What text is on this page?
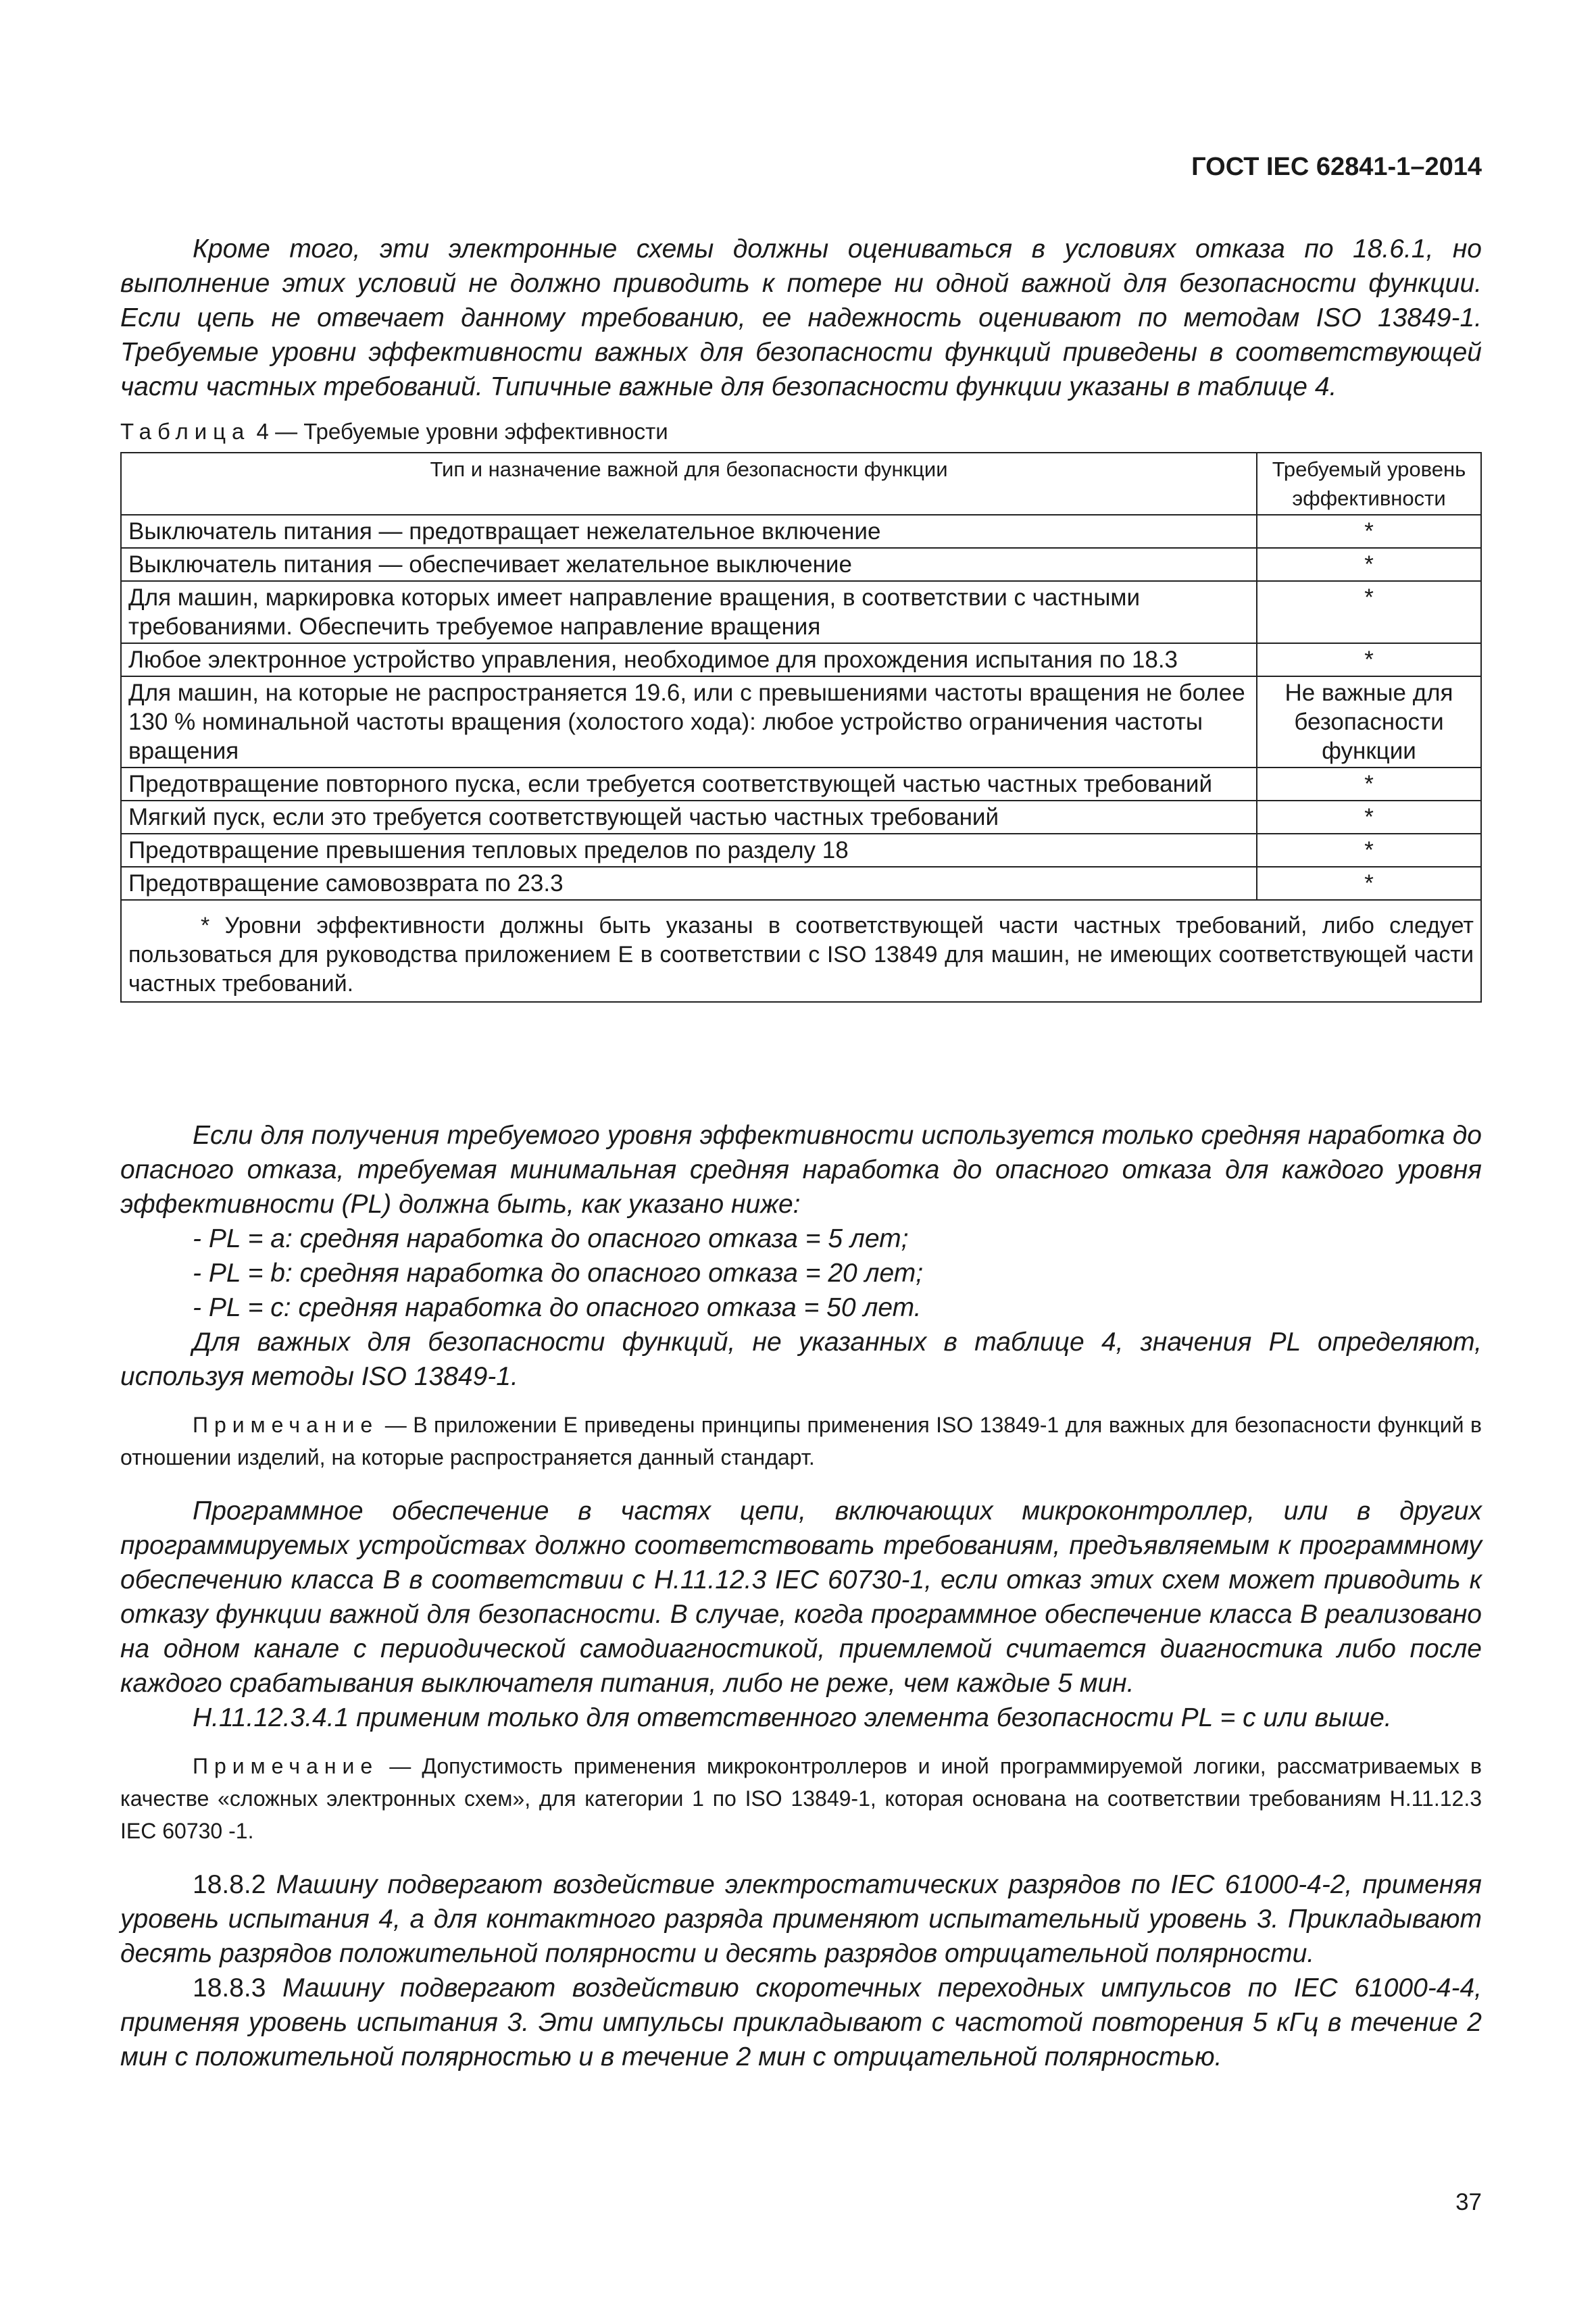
ГОСТ IEC 62841-1–2014

Кроме того, эти электронные схемы должны оцениваться в условиях отказа по 18.6.1, но выполнение этих условий не должно приводить к потере ни одной важной для безопасности функции. Если цепь не отвечает данному требованию, ее надежность оценивают по методам ISO 13849-1. Требуемые уровни эффективности важных для безопасности функций приведены в соответствующей части частных требований. Типичные важные для безопасности функции указаны в таблице 4.

Таблица 4 — Требуемые уровни эффективности
Тип и назначение важной для безопасности функции	Требуемый уровень эффективности
Выключатель питания — предотвращает нежелательное включение	*
Выключатель питания — обеспечивает желательное выключение	*
Для машин, маркировка которых имеет направление вращения, в соответствии с частными требованиями. Обеспечить требуемое направление вращения	*
Любое электронное устройство управления, необходимое для прохождения испытания по 18.3	*
Для машин, на которые не распространяется 19.6, или с превышениями частоты вращения не более 130 % номинальной частоты вращения (холостого хода): любое устройство ограничения частоты вращения	Не важные для безопасности функции
Предотвращение повторного пуска, если требуется соответствующей частью частных требований	*
Мягкий пуск, если это требуется соответствующей частью частных требований	*
Предотвращение превышения тепловых пределов по разделу 18	*
Предотвращение самовозврата по 23.3	*
* Уровни эффективности должны быть указаны в соответствующей части частных требований, либо следует пользоваться для руководства приложением Е в соответствии с ISO 13849 для машин, не имеющих соответствующей части частных требований.	

Если для получения требуемого уровня эффективности используется только средняя наработка до опасного отказа, требуемая минимальная средняя наработка до опасного отказа для каждого уровня эффективности (PL) должна быть, как указано ниже:

- PL = a: средняя наработка до опасного отказа = 5 лет;

- PL = b: средняя наработка до опасного отказа = 20 лет;

- PL = c: средняя наработка до опасного отказа = 50 лет.

Для важных для безопасности функций, не указанных в таблице 4, значения PL определяют, используя методы ISO 13849-1.

Примечание — В приложении Е приведены принципы применения ISO 13849-1 для важных для безопасности функций в отношении изделий, на которые распространяется данный стандарт.

Программное обеспечение в частях цепи, включающих микроконтроллер, или в других программируемых устройствах должно соответствовать требованиям, предъявляемым к программному обеспечению класса В в соответствии с Н.11.12.3 IEC 60730-1, если отказ этих схем может приводить к отказу функции важной для безопасности. В случае, когда программное обеспечение класса В реализовано на одном канале с периодической самодиагностикой, приемлемой считается диагностика либо после каждого срабатывания выключателя питания, либо не реже, чем каждые 5 мин.

Н.11.12.3.4.1 применим только для ответственного элемента безопасности PL = c или выше.

Примечание — Допустимость применения микроконтроллеров и иной программируемой логики, рассматриваемых в качестве «сложных электронных схем», для категории 1 по ISO 13849-1, которая основана на соответствии требованиям Н.11.12.3 IEC 60730 -1.

18.8.2 Машину подвергают воздействие электростатических разрядов по IEC 61000-4-2, применяя уровень испытания 4, а для контактного разряда применяют испытательный уровень 3. Прикладывают десять разрядов положительной полярности и десять разрядов отрицательной полярности.

18.8.3 Машину подвергают воздействию скоротечных переходных импульсов по IEC 61000-4-4, применяя уровень испытания 3. Эти импульсы прикладывают с частотой повторения 5 кГц в течение 2 мин с положительной полярностью и в течение 2 мин с отрицательной полярностью.

37
